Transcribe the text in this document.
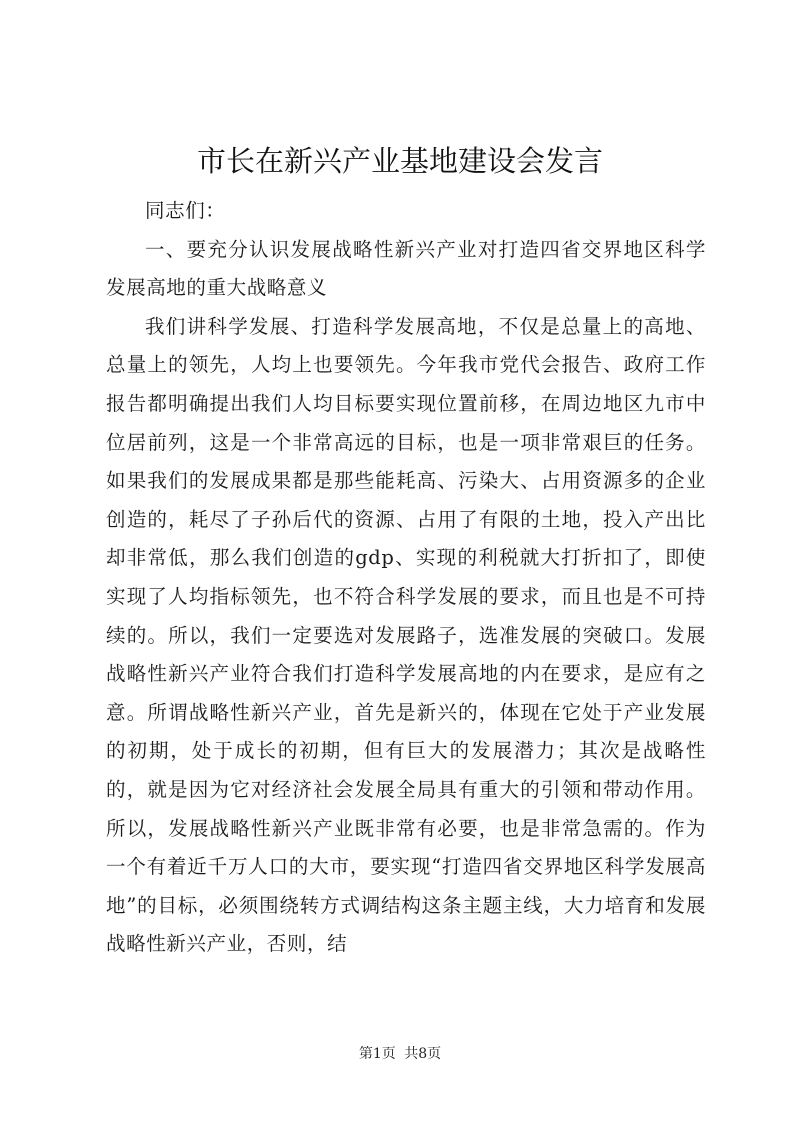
市长在新兴产业基地建设会发言

同志们：

一、要充分认识发展战略性新兴产业对打造四省交界地区科学发展高地的重大战略意义

我们讲科学发展、打造科学发展高地，不仅是总量上的高地、总量上的领先，人均上也要领先。今年我市党代会报告、政府工作报告都明确提出我们人均目标要实现位置前移，在周边地区九市中位居前列，这是一个非常高远的目标，也是一项非常艰巨的任务。如果我们的发展成果都是那些能耗高、污染大、占用资源多的企业创造的，耗尽了子孙后代的资源、占用了有限的土地，投入产出比却非常低，那么我们创造的gdp、实现的利税就大打折扣了，即使实现了人均指标领先，也不符合科学发展的要求，而且也是不可持续的。所以，我们一定要选对发展路子，选准发展的突破口。发展战略性新兴产业符合我们打造科学发展高地的内在要求，是应有之意。所谓战略性新兴产业，首先是新兴的，体现在它处于产业发展的初期，处于成长的初期，但有巨大的发展潜力；其次是战略性的，就是因为它对经济社会发展全局具有重大的引领和带动作用。所以，发展战略性新兴产业既非常有必要，也是非常急需的。作为一个有着近千万人口的大市，要实现“打造四省交界地区科学发展高地”的目标，必须围绕转方式调结构这条主题主线，大力培育和发展战略性新兴产业，否则，结

第1页 共8页
